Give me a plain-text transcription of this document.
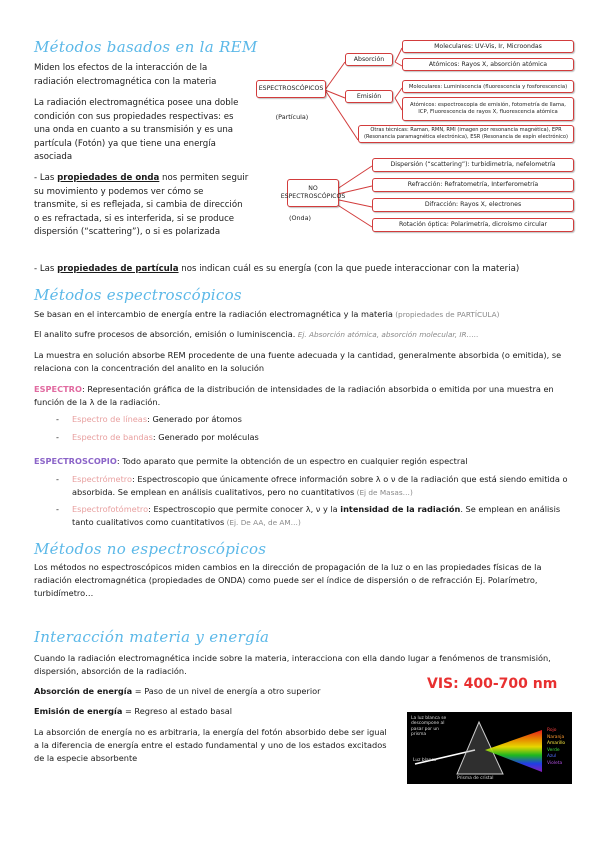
Métodos basados en la REM
Miden los efectos de la interacción de la radiación electromagnética con la materia
La radiación electromagnética posee una doble condición con sus propiedades respectivas: es una onda en cuanto a su transmisión y es una partícula (Fotón) ya que tiene una energía asociada
- Las propiedades de onda nos permiten seguir su movimiento y podemos ver cómo se transmite, si es reflejada, si cambia de dirección o es refractada, si es interferida, si se produce dispersión (“scattering”), o si es polarizada
- Las propiedades de partícula nos indican cuál es su energía (con la que puede interaccionar con la materia)
ESPECTROSCÓPICOS
(Partícula)
Absorción
Emisión
Moleculares: UV-Vis, Ir, Microondas
Atómicos: Rayos X, absorción atómica
Moleculares: Luminiscencia (fluorescencia y fosforescencia)
Atómicos: espectroscopia de emisión, fotometría de llama, ICP, Fluorescencia de rayos X, fluorescencia atómica
Otras técnicas: Raman, RMN, RMI (imagen por resonancia magnética), EPR (Resonancia paramagnética electrónica), ESR (Resonancia de espín electrónico)
NO ESPECTROSCÓPICOS
(Onda)
Dispersión (“scattering”): turbidimetría, nefelometría
Refracción: Refratometría, Interferometría
Difracción: Rayos X, electrones
Rotación óptica: Polarimetría, dicroísmo circular
Métodos espectroscópicos
Se basan en el intercambio de energía entre la radiación electromagnética y la materia (propiedades de PARTÍCULA)
El analito sufre procesos de absorción, emisión o luminiscencia. Ej. Absorción atómica, absorción molecular, IR…..
La muestra en solución absorbe REM procedente de una fuente adecuada y la cantidad, generalmente absorbida (o emitida), se relaciona con la concentración del analito en la solución
ESPECTRO: Representación gráfica de la distribución de intensidades de la radiación absorbida o emitida por una muestra en función de la λ de la radiación.
- Espectro de líneas: Generado por átomos
- Espectro de bandas: Generado por moléculas
ESPECTROSCOPIO: Todo aparato que permite la obtención de un espectro en cualquier región espectral
- Espectrómetro: Espectroscopio que únicamente ofrece información sobre λ o ν de la radiación que está siendo emitida o absorbida. Se emplean en análisis cualitativos, pero no cuantitativos (Ej de Masas…)
- Espectrofotómetro: Espectroscopio que permite conocer λ, ν y la intensidad de la radiación. Se emplean en análisis tanto cualitativos como cuantitativos (Ej. De AA, de AM…)
Métodos no espectroscópicos
Los métodos no espectroscópicos miden cambios en la dirección de propagación de la luz o en las propiedades físicas de la radiación electromagnética (propiedades de ONDA) como puede ser el índice de dispersión o de refracción Ej. Polarímetro, turbidímetro…
Interacción materia y energía
Cuando la radiación electromagnética incide sobre la materia, interacciona con ella dando lugar a fenómenos de transmisión, dispersión, absorción de la radiación.
Absorción de energía = Paso de un nivel de energía a otro superior
Emisión de energía = Regreso al estado basal
La absorción de energía no es arbitraria, la energía del fotón absorbido debe ser igual a la diferencia de energía entre el estado fundamental y uno de los estados excitados de la especie absorbente
VIS: 400-700 nm
La luz blanca se descompone al pasar por un prisma
Luz blanca
Prisma de cristal
Rojo
Naranja
Amarillo
Verde
Azul
Violeta
